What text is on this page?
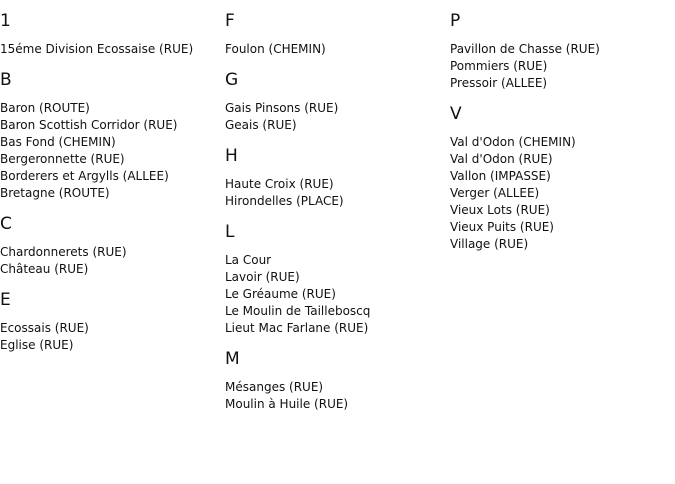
1
15éme Division Ecossaise (RUE)
B
Baron (ROUTE)
Baron Scottish Corridor (RUE)
Bas Fond (CHEMIN)
Bergeronnette (RUE)
Borderers et Argylls (ALLEE)
Bretagne (ROUTE)
C
Chardonnerets (RUE)
Château (RUE)
E
Ecossais (RUE)
Eglise (RUE)
F
Foulon (CHEMIN)
G
Gais Pinsons (RUE)
Geais (RUE)
H
Haute Croix (RUE)
Hirondelles (PLACE)
L
La Cour
Lavoir (RUE)
Le Gréaume (RUE)
Le Moulin de Tailleboscq
Lieut Mac Farlane (RUE)
M
Mésanges (RUE)
Moulin à Huile (RUE)
P
Pavillon de Chasse (RUE)
Pommiers (RUE)
Pressoir (ALLEE)
V
Val d'Odon (CHEMIN)
Val d'Odon (RUE)
Vallon (IMPASSE)
Verger (ALLEE)
Vieux Lots (RUE)
Vieux Puits (RUE)
Village (RUE)
